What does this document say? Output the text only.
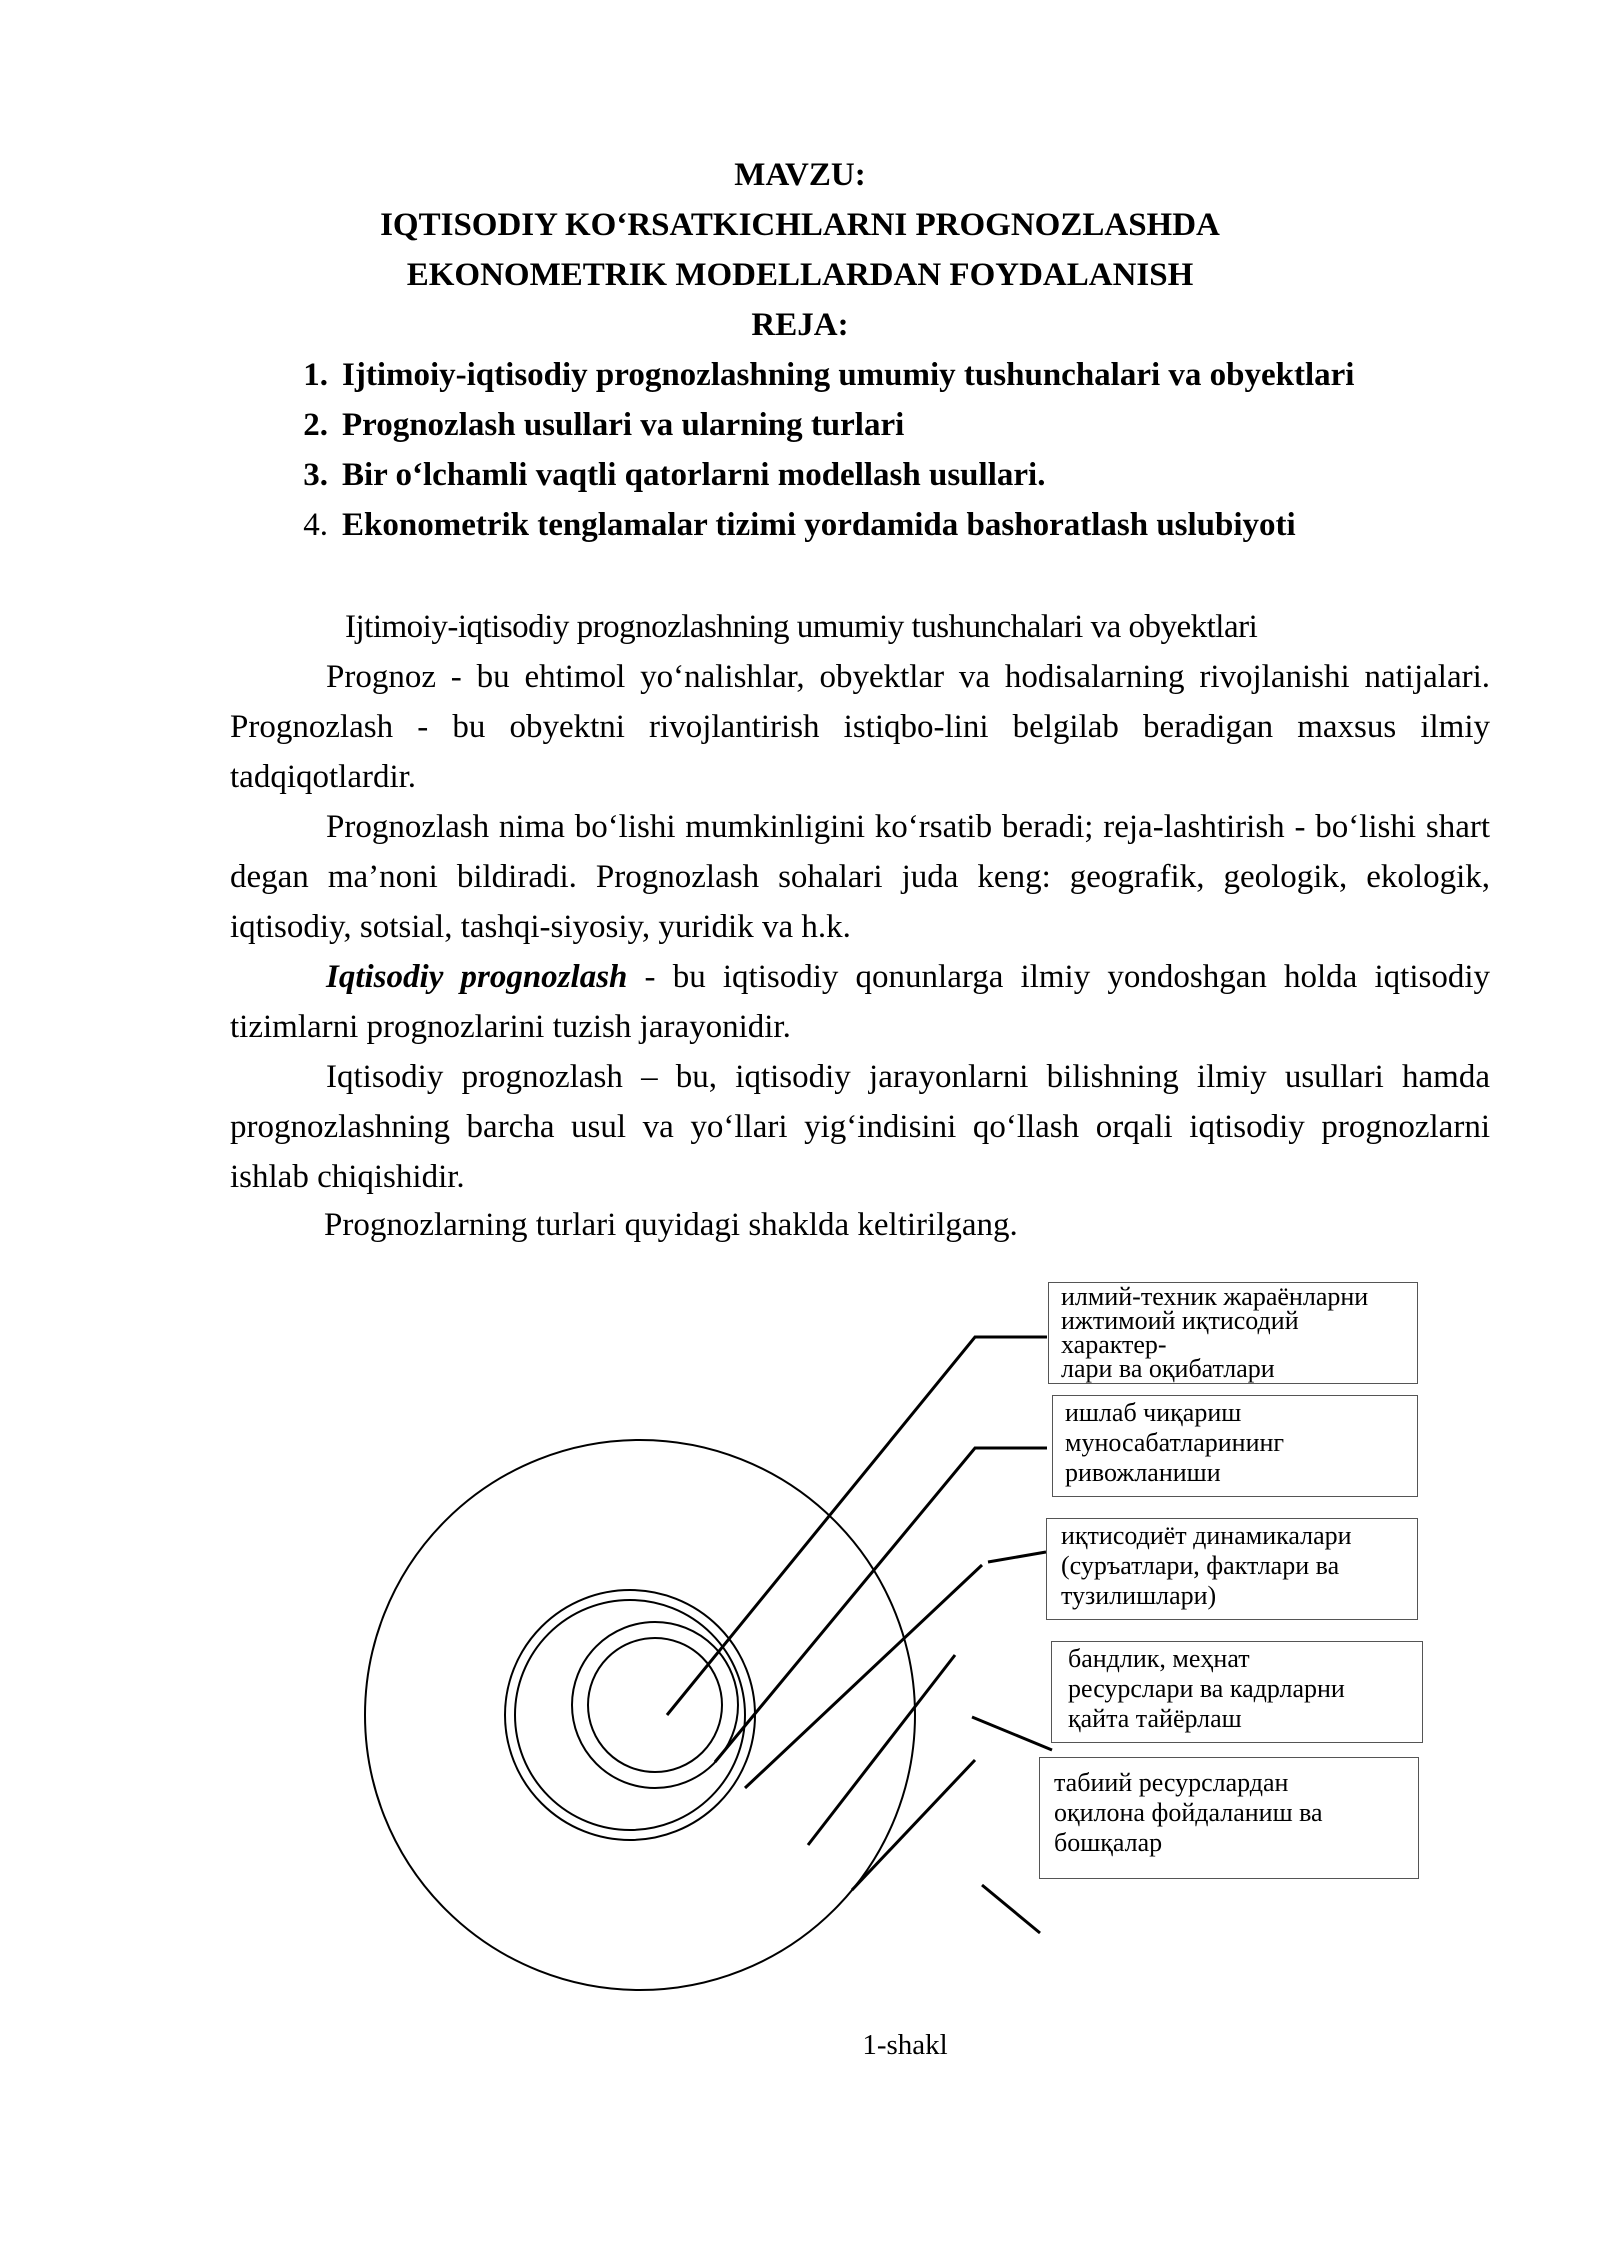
MAVZU:
IQTISODIY KO‘RSATKICHLARNI PROGNOZLASHDA
EKONOMETRIK MODELLARDAN FOYDALANISH
REJA:
1. Ijtimoiy-iqtisodiy prognozlashning umumiy tushunchalari va obyektlari
2. Prognozlash usullari va ularning turlari
3. Bir o‘lchamli vaqtli qatorlarni modellash usullari.
4. Ekonometrik tenglamalar tizimi yordamida bashoratlash uslubiyoti
Ijtimoiy-iqtisodiy prognozlashning umumiy tushunchalari va obyektlari
Prognoz - bu ehtimol yo‘nalishlar, obyektlar va hodisalarning rivojlanishi natijalari. Prognozlash - bu obyektni rivojlantirish istiqbo-lini belgilab beradigan maxsus ilmiy tadqiqotlardir.
Prognozlash nima bo‘lishi mumkinligini ko‘rsatib beradi; reja-lashtirish - bo‘lishi shart degan ma’noni bildiradi. Prognozlash sohalari juda keng: geografik, geologik, ekologik, iqtisodiy, sotsial, tashqi-siyosiy, yuridik va h.k.
Iqtisodiy prognozlash - bu iqtisodiy qonunlarga ilmiy yondoshgan holda iqtisodiy tizimlarni prognozlarini tuzish jarayonidir.
Iqtisodiy prognozlash – bu, iqtisodiy jarayonlarni bilishning ilmiy usullari hamda prognozlashning barcha usul va yo‘llari yig‘indisini qo‘llash orqali iqtisodiy prognozlarni ishlab chiqishidir.
Prognozlarning turlari quyidagi shaklda keltirilgang.
илмий-техник жараёнларни
ижтимоий иқтисодий
характер-
лари ва оқибатлари
ишлаб чиқариш
муносабатларининг
ривожланиши
иқтисодиёт динамикалари
(суръатлари, фактлари ва
тузилишлари)
бандлик, меҳнат
ресурслари ва кадрларни
қайта тайёрлаш
табиий ресурслардан
оқилона фойдаланиш ва
бошқалар
1-shakl
